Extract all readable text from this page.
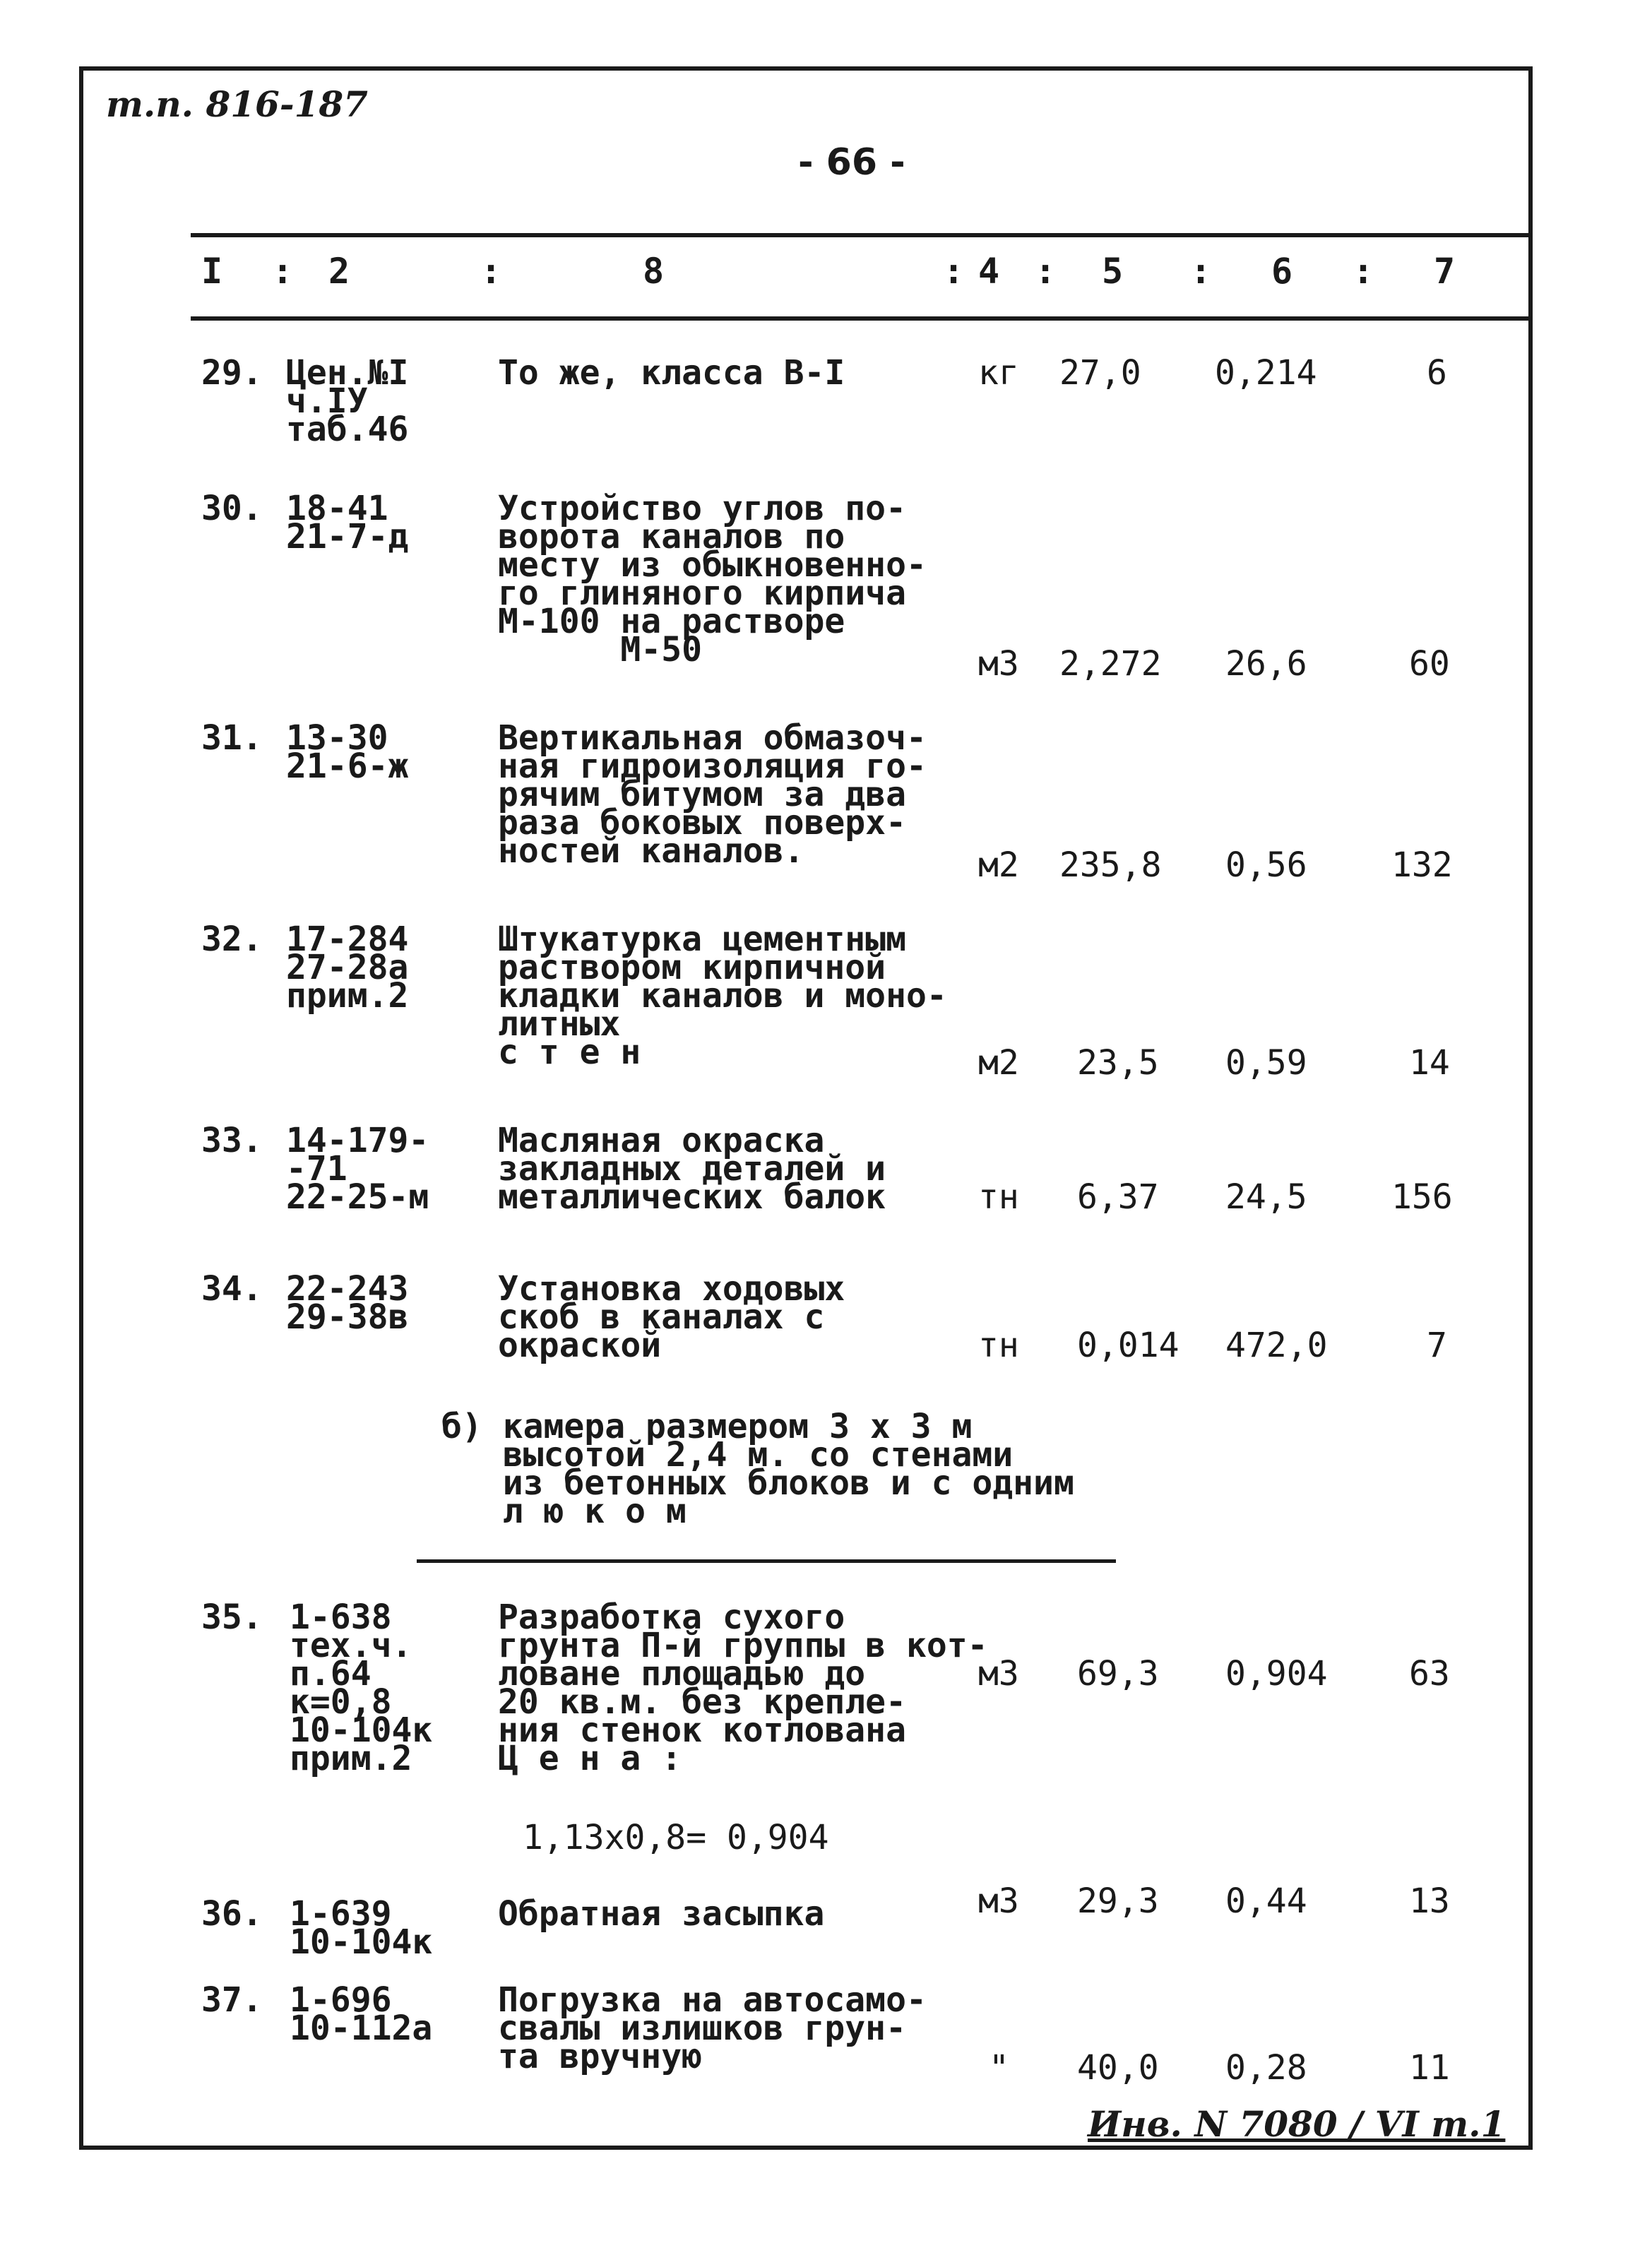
т.п. 816-187
- 66 -
I : 2	:	8	: 4 : 5 : 6 : 7
29. Цен.№I
ч.IУ
таб.46
То же, класса В-I	кг 27,0 0,214	6
30. 18-41
21-7-д
Устройство углов по-
ворота каналов по
месту из обыкновенно-
го глиняного кирпича
М-100 на растворе
М-50	м3 2,272 26,6	60
31. 13-30
21-6-ж
Вертикальная обмазоч-
ная гидроизоляция го-
рячим битумом за два
раза боковых поверх-
ностей каналов.	м2 235,8 0,56 132
32. 17-284
27-28а
прим.2
Штукатурка цементным
раствором кирпичной
кладки каналов и моно-
литных
с т е н	м2 23,5 0,59	14
33. 14-179-
-71
22-25-м
Масляная окраска
закладных деталей и
металлических балок	тн 6,37 24,5 156
34. 22-243
29-38в
Установка ходовых
скоб в каналах с
окраской	тн 0,014 472,0	7
б) камера размером 3 х 3 м
высотой 2,4 м. со стенами
из бетонных блоков и с одним
л ю к о м
35. 1-638
тех.ч.
п.64
к=0,8
10-104к
прим.2
Разработка сухого
грунта П-й группы в кот-
ловане площадью до
20 кв.м. без крепле-
ния стенок котлована
Ц е н а :
м3 69,3 0,904 63
1,13х0,8= 0,904
36. 1-639
10-104к
Обратная засыпка	м3 29,3 0,44	13
37. 1-696
10-112а
Погрузка на автосамо-
свалы излишков грун-
та вручную	" 40,0 0,28	11
Инв. N 7080 / VI т.1
